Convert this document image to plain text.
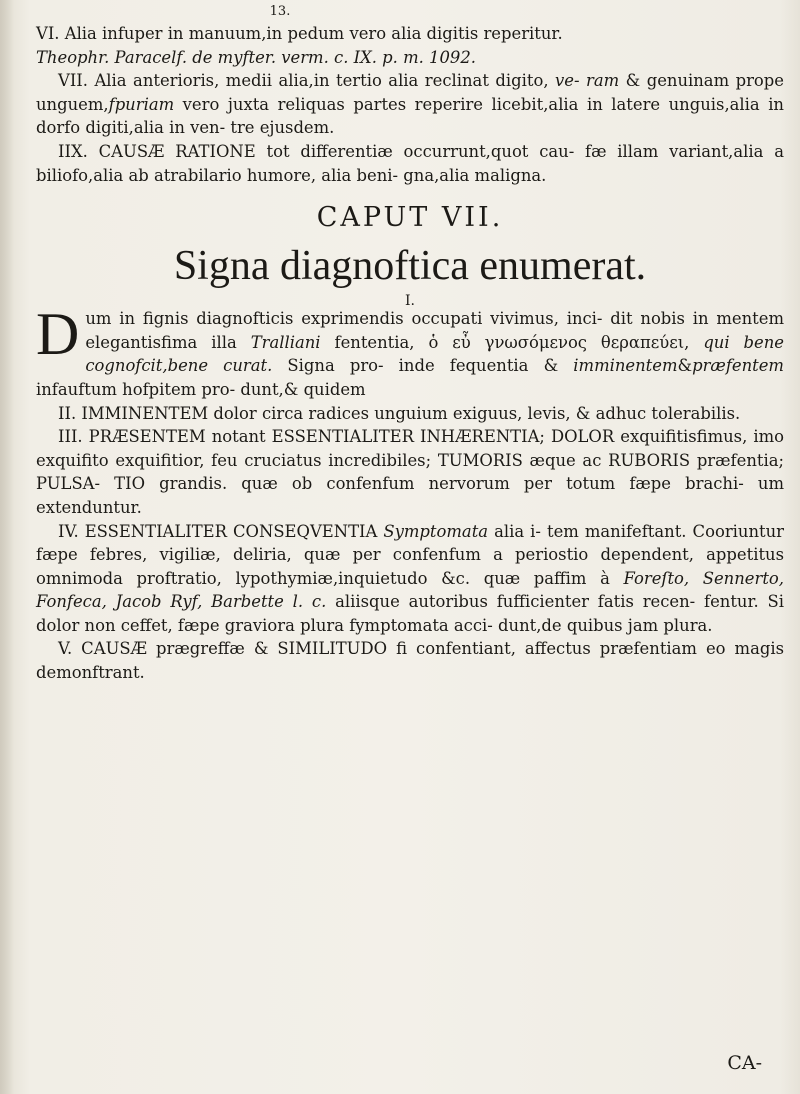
13.

VI. Alia infuper in manuum,in pedum vero alia digitis reperitur.
Theophr. Paracelf. de myfter. verm. c. IX. p. m. 1092.

VII. Alia anterioris, medii alia,in tertio alia reclinat digito, ve- ram & genuinam prope unguem,fpuriam vero juxta reliquas partes reperire licebit,alia in latere unguis,alia in dorfo digiti,alia in ven- tre ejusdem.

IIX. CAUSÆ RATIONE tot differentiæ occurrunt,quot cau- fæ illam variant,alia a biliofo,alia ab atrabilario humore, alia beni- gna,alia maligna.

CAPUT VII.

Signa diagnoftica enumerat.

I.

D um in fignis diagnofticis exprimendis occupati vivimus, inci- dit nobis in mentem elegantisfima illa Tralliani fententia, ὁ εὖ γνωσόμενος θεραπεύει, qui bene cognofcit,bene curat. Signa pro- inde fequentia & imminentem&præfentem infauftum hofpitem pro- dunt,& quidem

II. IMMINENTEM dolor circa radices unguium exiguus, levis, & adhuc tolerabilis.

III. PRÆSENTEM notant ESSENTIALITER INHÆRENTIA; DOLOR exquifitisfimus, imo exquifito exquifitior, feu cruciatus incredibiles; TUMORIS æque ac RUBORIS præfentia; PULSA- TIO grandis. quæ ob confenfum nervorum per totum fæpe brachi- um extenduntur.

IV. ESSENTIALITER CONSEQVENTIA Symptomata alia i- tem manifeftant. Cooriuntur fæpe febres, vigiliæ, deliria, quæ per confenfum a periostio dependent, appetitus omnimoda proftratio, lypothymiæ,inquietudo &c. quæ paffim à Foreſto, Sennerto, Fonfeca, Jacob Ryf, Barbette l. c. aliisque autoribus fufficienter fatis recen- fentur. Si dolor non ceffet, fæpe graviora plura fymptomata acci- dunt,de quibus jam plura.

V. CAUSÆ prægreffæ & SIMILITUDO fi confentiant, affectus præfentiam eo magis demonftrant.

CA-
